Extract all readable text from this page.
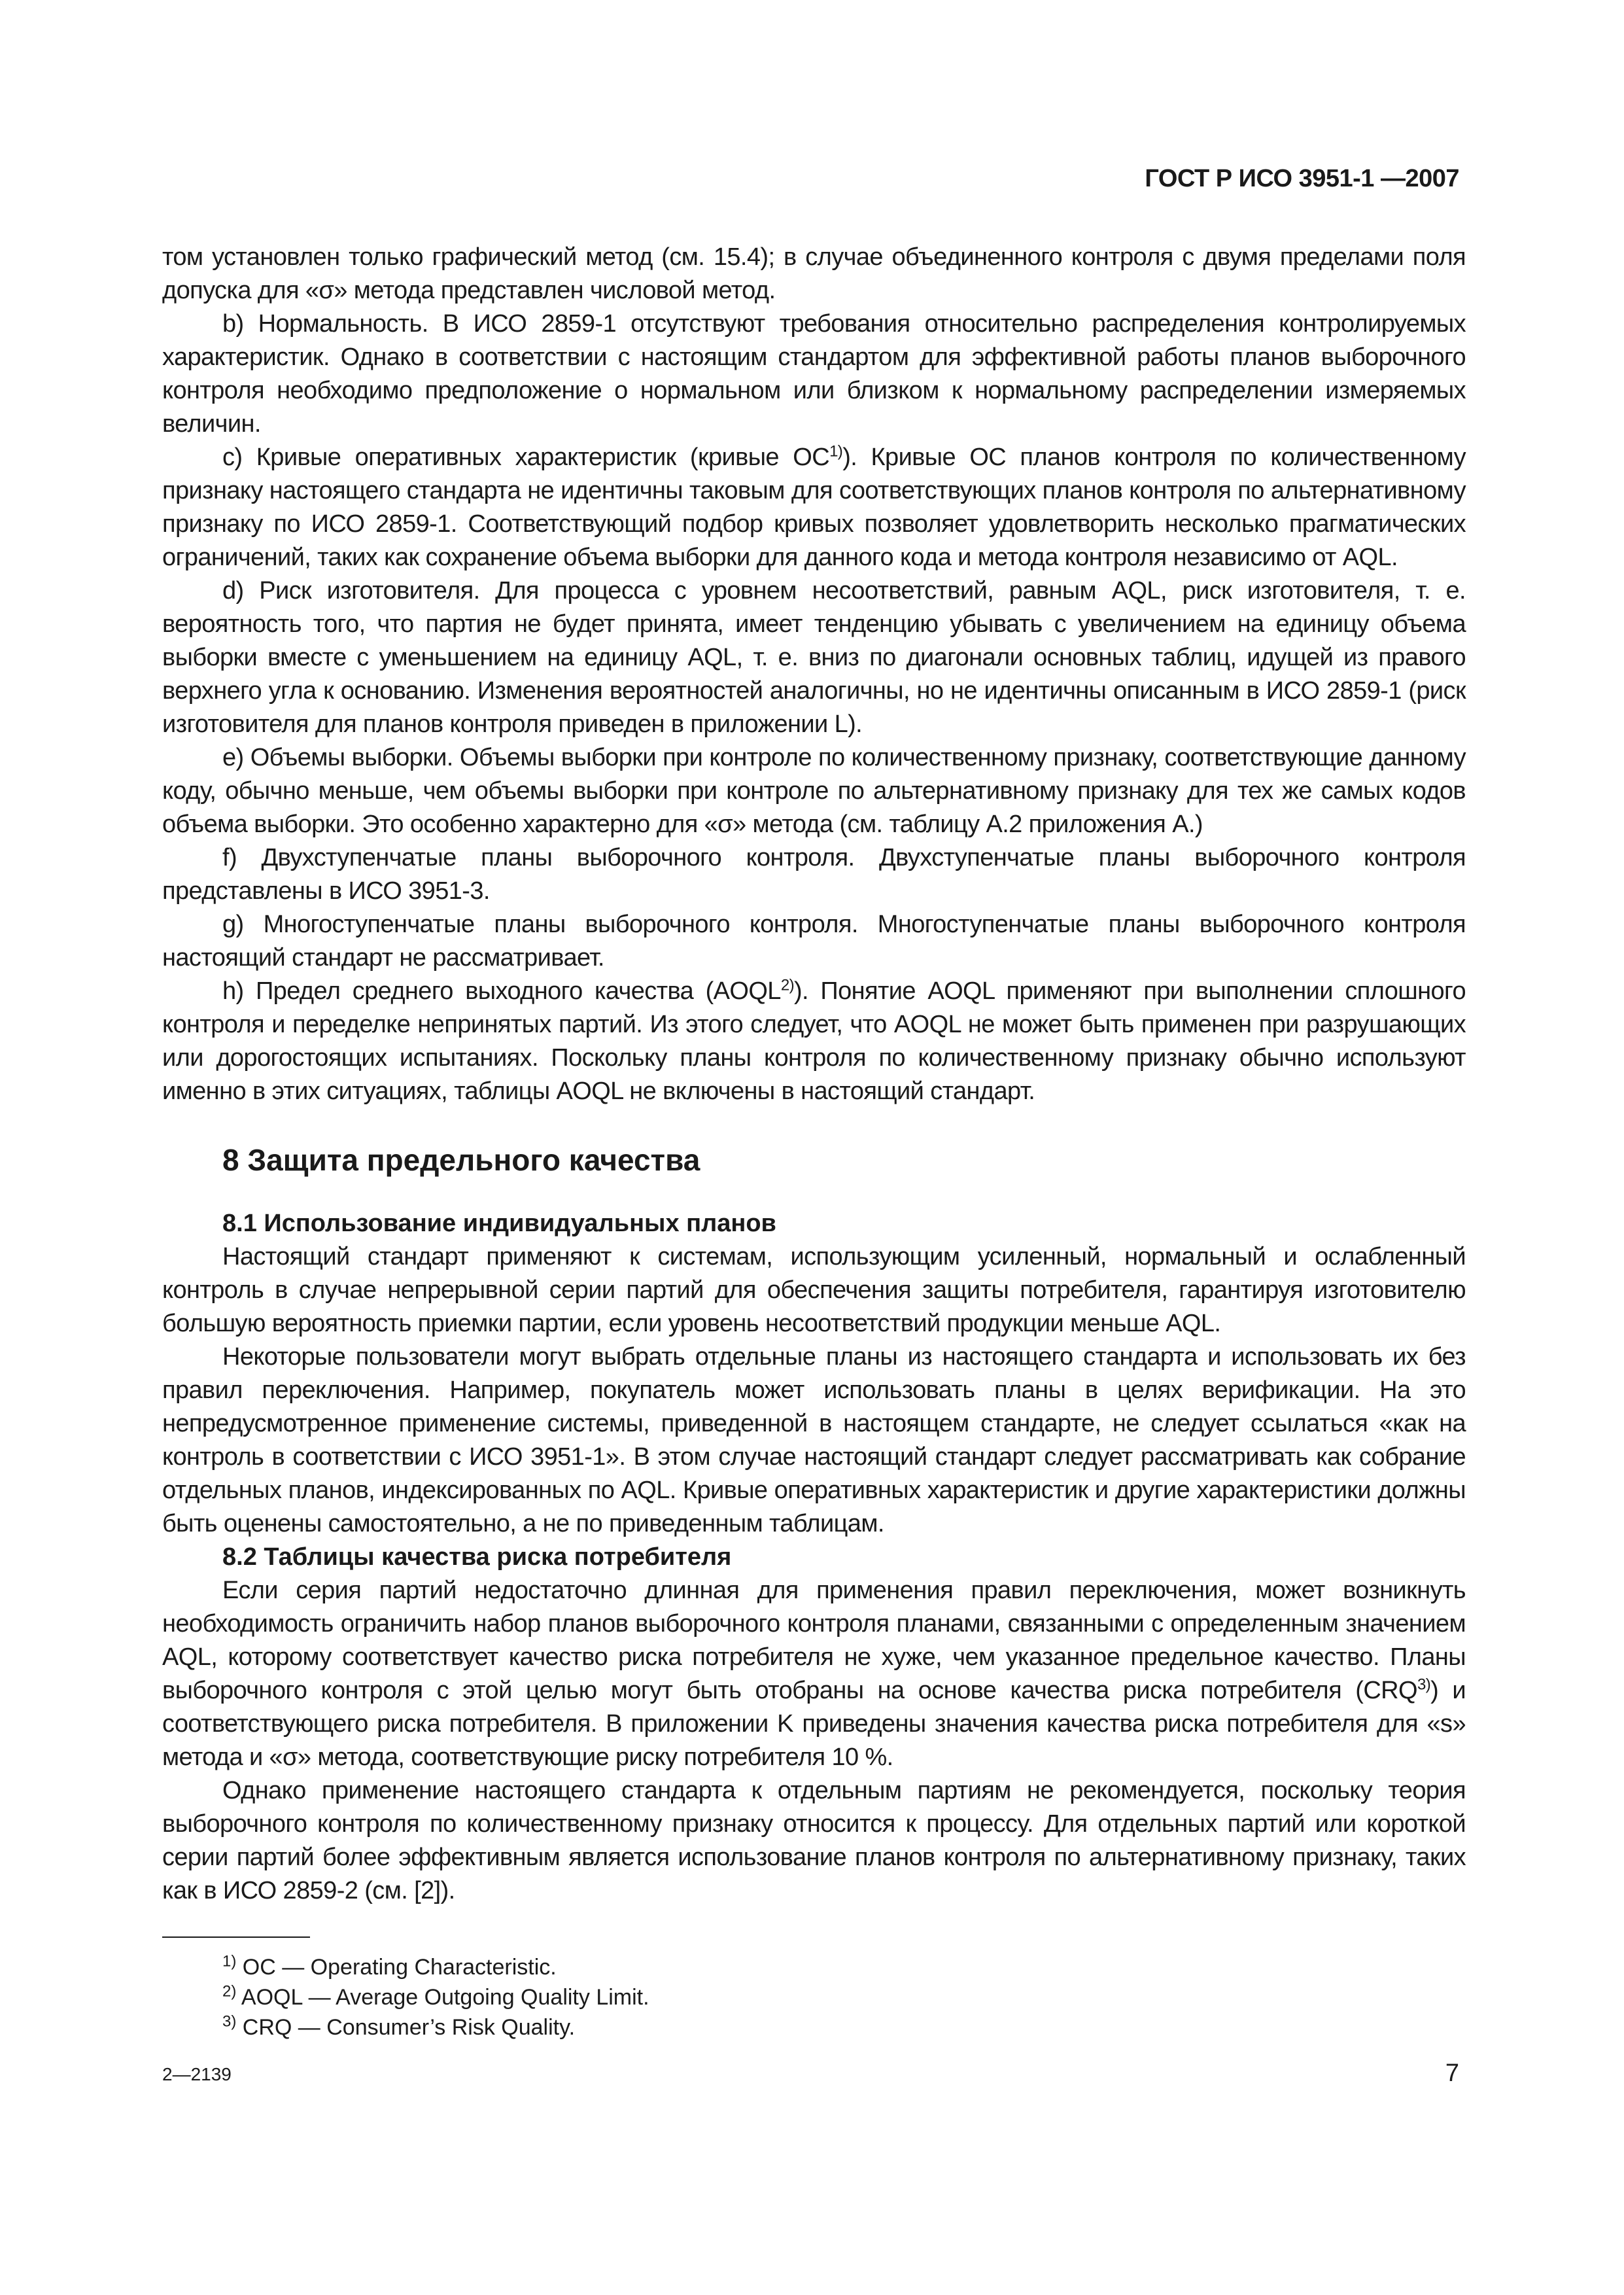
ГОСТ Р ИСО 3951-1 —2007

том установлен только графический метод (см. 15.4); в случае объединенного контроля с двумя пределами поля допуска для «σ» метода представлен числовой метод.

b) Нормальность. В ИСО 2859-1 отсутствуют требования относительно распределения контролируемых характеристик. Однако в соответствии с настоящим стандартом для эффективной работы планов выборочного контроля необходимо предположение о нормальном или близком к нормальному распределении измеряемых величин.

c) Кривые оперативных характеристик (кривые OC$^{1)}$). Кривые OC планов контроля по количественному признаку настоящего стандарта не идентичны таковым для соответствующих планов контроля по альтернативному признаку по ИСО 2859-1. Соответствующий подбор кривых позволяет удовлетворить несколько прагматических ограничений, таких как сохранение объема выборки для данного кода и метода контроля независимо от AQL.

d) Риск изготовителя. Для процесса с уровнем несоответствий, равным AQL, риск изготовителя, т. е. вероятность того, что партия не будет принята, имеет тенденцию убывать с увеличением на единицу объема выборки вместе с уменьшением на единицу AQL, т. е. вниз по диагонали основных таблиц, идущей из правого верхнего угла к основанию. Изменения вероятностей аналогичны, но не идентичны описанным в ИСО 2859-1 (риск изготовителя для планов контроля приведен в приложении L).

e) Объемы выборки. Объемы выборки при контроле по количественному признаку, соответствующие данному коду, обычно меньше, чем объемы выборки при контроле по альтернативному признаку для тех же самых кодов объема выборки. Это особенно характерно для «σ» метода (см. таблицу А.2 приложения А.)

f) Двухступенчатые планы выборочного контроля. Двухступенчатые планы выборочного контроля представлены в ИСО 3951-3.

g) Многоступенчатые планы выборочного контроля. Многоступенчатые планы выборочного контроля настоящий стандарт не рассматривает.

h) Предел среднего выходного качества (AOQL$^{2)}$). Понятие AOQL применяют при выполнении сплошного контроля и переделке непринятых партий. Из этого следует, что AOQL не может быть применен при разрушающих или дорогостоящих испытаниях. Поскольку планы контроля по количественному признаку обычно используют именно в этих ситуациях, таблицы AOQL не включены в настоящий стандарт.

8 Защита предельного качества

8.1 Использование индивидуальных планов

Настоящий стандарт применяют к системам, использующим усиленный, нормальный и ослабленный контроль в случае непрерывной серии партий для обеспечения защиты потребителя, гарантируя изготовителю большую вероятность приемки партии, если уровень несоответствий продукции меньше AQL.

Некоторые пользователи могут выбрать отдельные планы из настоящего стандарта и использовать их без правил переключения. Например, покупатель может использовать планы в целях верификации. На это непредусмотренное применение системы, приведенной в настоящем стандарте, не следует ссылаться «как на контроль в соответствии с ИСО 3951-1». В этом случае настоящий стандарт следует рассматривать как собрание отдельных планов, индексированных по AQL. Кривые оперативных характеристик и другие характеристики должны быть оценены самостоятельно, а не по приведенным таблицам.

8.2 Таблицы качества риска потребителя

Если серия партий недостаточно длинная для применения правил переключения, может возникнуть необходимость ограничить набор планов выборочного контроля планами, связанными с определенным значением AQL, которому соответствует качество риска потребителя не хуже, чем указанное предельное качество. Планы выборочного контроля с этой целью могут быть отобраны на основе качества риска потребителя (CRQ$^{3)}$) и соответствующего риска потребителя. В приложении K приведены значения качества риска потребителя для «s» метода и «σ» метода, соответствующие риску потребителя 10 %.

Однако применение настоящего стандарта к отдельным партиям не рекомендуется, поскольку теория выборочного контроля по количественному признаку относится к процессу. Для отдельных партий или короткой серии партий более эффективным является использование планов контроля по альтернативному признаку, таких как в ИСО 2859-2 (см. [2]).

$^{1)}$ OC — Operating Characteristic.
$^{2)}$ AOQL — Average Outgoing Quality Limit.
$^{3)}$ CRQ — Consumer’s Risk Quality.
2—2139	7
